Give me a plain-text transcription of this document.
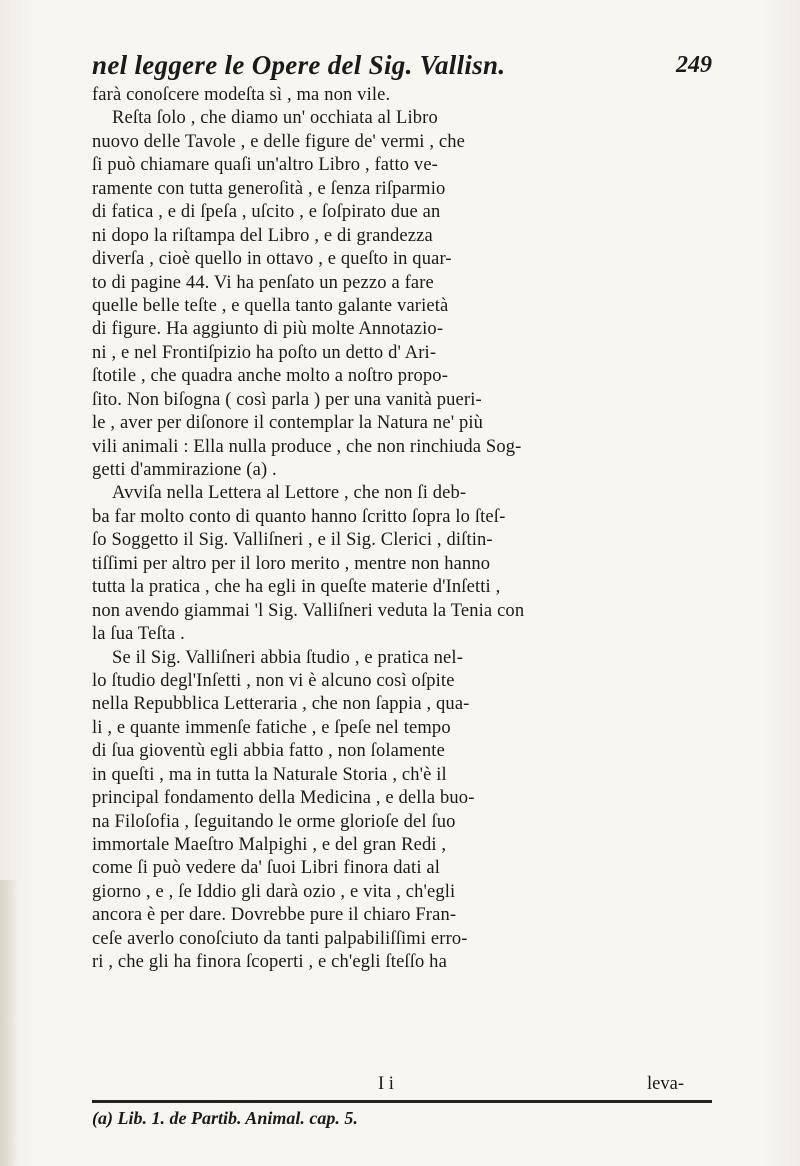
nel leggere le Opere del Sig. Vallisn.	249
farà conoſcere modeſta sì , ma non vile.
Reſta ſolo , che diamo un' occhiata al Libro
nuovo delle Tavole , e delle figure de' vermi , che
ſi può chiamare quaſi un'altro Libro , fatto ve-
ramente con tutta generoſità , e ſenza riſparmio
di fatica , e di ſpeſa , uſcito , e ſoſpirato due an
ni dopo la riſtampa del Libro , e di grandezza
diverſa , cioè quello in ottavo , e queſto in quar-
to di pagine 44. Vi ha penſato un pezzo a fare
quelle belle teſte , e quella tanto galante varietà
di figure. Ha aggiunto di più molte Annotazio-
ni , e nel Frontiſpizio ha poſto un detto d' Ari-
ſtotile , che quadra anche molto a noſtro propo-
ſito. Non biſogna ( così parla ) per una vanità pueri-
le , aver per diſonore il contemplar la Natura ne' più
vili animali : Ella nulla produce , che non rinchiuda Sog-
getti d'ammirazione (a) .
Avviſa nella Lettera al Lettore , che non ſi deb-
ba far molto conto di quanto hanno ſcritto ſopra lo ſteſ-
ſo Soggetto il Sig. Valliſneri , e il Sig. Clerici , diſtin-
tiſſimi per altro per il loro merito , mentre non hanno
tutta la pratica , che ha egli in queſte materie d'Inſetti ,
non avendo giammai 'l Sig. Valliſneri veduta la Tenia con
la ſua Teſta .
Se il Sig. Valliſneri abbia ſtudio , e pratica nel-
lo ſtudio degl'Inſetti , non vi è alcuno così oſpite
nella Repubblica Letteraria , che non ſappia , qua-
li , e quante immenſe fatiche , e ſpeſe nel tempo
di ſua gioventù egli abbia fatto , non ſolamente
in queſti , ma in tutta la Naturale Storia , ch'è il
principal fondamento della Medicina , e della buo-
na Filoſofia , ſeguitando le orme glorioſe del ſuo
immortale Maeſtro Malpighi , e del gran Redi ,
come ſi può vedere da' ſuoi Libri finora dati al
giorno , e , ſe Iddio gli darà ozio , e vita , ch'egli
ancora è per dare. Dovrebbe pure il chiaro Fran-
ceſe averlo conoſciuto da tanti palpabiliſſimi erro-
ri , che gli ha finora ſcoperti , e ch'egli ſteſſo ha
I i	leva-
(a) Lib. 1. de Partib. Animal. cap. 5.
